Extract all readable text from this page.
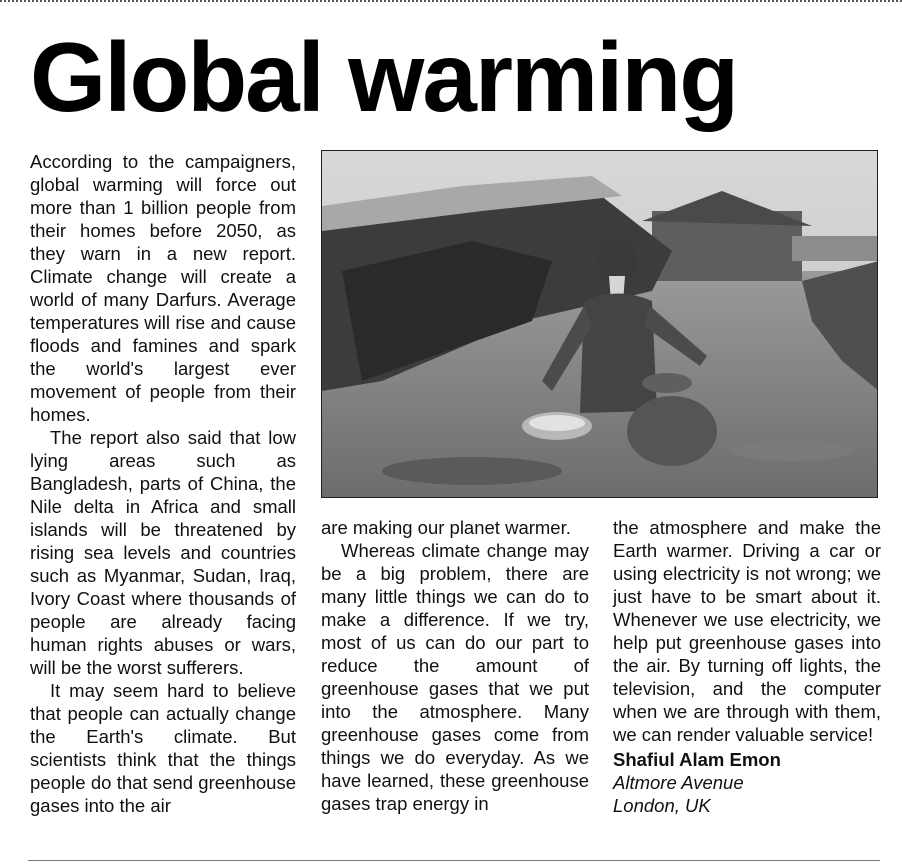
Global warming

According to the campaigners, global warming will force out more than 1 billion people from their homes before 2050, as they warn in a new report. Climate change will create a world of many Darfurs. Average temperatures will rise and cause floods and famines and spark the world's largest ever movement of people from their homes.

The report also said that low lying areas such as Bangladesh, parts of China, the Nile delta in Africa and small islands will be threatened by rising sea levels and countries such as Myanmar, Sudan, Iraq, Ivory Coast where thousands of people are already facing human rights abuses or wars, will be the worst sufferers.

It may seem hard to believe that people can actually change the Earth's climate. But scientists think that the things people do that send greenhouse gases into the air

are making our planet warmer.

Whereas climate change may be a big problem, there are many little things we can do to make a difference. If we try, most of us can do our part to reduce the amount of greenhouse gases that we put into the atmosphere. Many greenhouse gases come from things we do everyday. As we have learned, these greenhouse gases trap energy in

the atmosphere and make the Earth warmer. Driving a car or using electricity is not wrong; we just have to be smart about it. Whenever we use electricity, we help put greenhouse gases into the air. By turning off lights, the television, and the computer when we are through with them, we can render valuable service!

Shafiul Alam Emon
Altmore Avenue
London, UK
